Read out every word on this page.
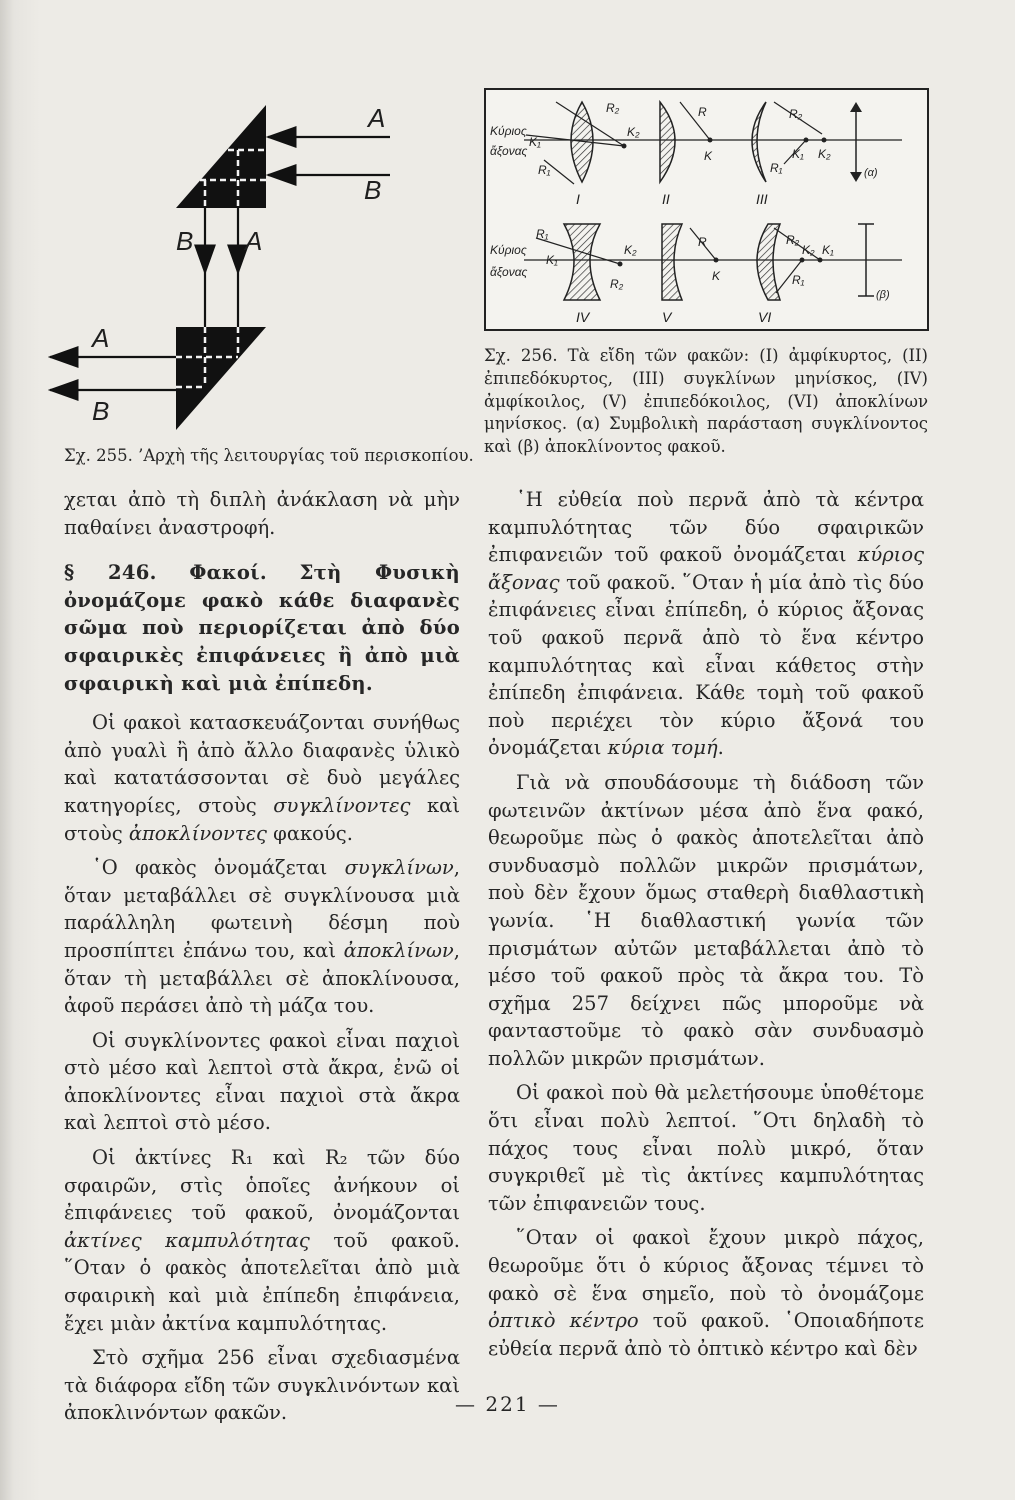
A
B
B A
A
B
Σχ. 255. ’Αρχὴ τῆς λειτουργίας τοῦ περισκοπίου.
Κύριος
ἄξονας
K₂
R₂
K₁
R₁
I
R
K
II
R₂
K₁ K₂
R₁
III
(α)
Κύριος
ἄξονας
R₁
K₁
K₂
R₂
IV
R
K
V
R₂
K₂ K₁
R₁
VI
(β)
Σχ. 256. Τὰ εἴδη τῶν φακῶν: (I) ἀμφίκυρτος, (II) ἐπιπεδόκυρτος, (III) συγκλίνων μηνίσκος, (IV) ἀμφίκοιλος, (V) ἐπιπεδόκοιλος, (VI) ἀποκλίνων μηνίσκος. (α) Συμβολικὴ παράσταση συγκλίνοντος καὶ (β) ἀποκλίνοντος φακοῦ.

χεται ἀπὸ τὴ διπλὴ ἀνάκλαση νὰ μὴν παθαίνει ἀναστροφή.

§ 246. Φακοί. Στὴ Φυσικὴ ὀνομάζομε φακὸ κάθε διαφανὲς σῶμα ποὺ περιορίζεται ἀπὸ δύο σφαιρικὲς ἐπιφάνειες ἢ ἀπὸ μιὰ σφαιρικὴ καὶ μιὰ ἐπίπεδη.

Οἱ φακοὶ κατασκευάζονται συνήθως ἀπὸ γυαλὶ ἢ ἀπὸ ἄλλο διαφανὲς ὑλικὸ καὶ κατατάσσονται σὲ δυὸ μεγάλες κατηγορίες, στοὺς συγκλίνοντες καὶ στοὺς ἀποκλίνοντες φακούς.

῾Ο φακὸς ὀνομάζεται συγκλίνων, ὅταν μεταβάλλει σὲ συγκλίνουσα μιὰ παράλληλη φωτεινὴ δέσμη ποὺ προσπίπτει ἐπάνω του, καὶ ἀποκλίνων, ὅταν τὴ μεταβάλλει σὲ ἀποκλίνουσα, ἀφοῦ περάσει ἀπὸ τὴ μάζα του.

Οἱ συγκλίνοντες φακοὶ εἶναι παχιοὶ στὸ μέσο καὶ λεπτοὶ στὰ ἄκρα, ἐνῶ οἱ ἀποκλίνοντες εἶναι παχιοὶ στὰ ἄκρα καὶ λεπτοὶ στὸ μέσο.

Οἱ ἀκτίνες R₁ καὶ R₂ τῶν δύο σφαιρῶν, στὶς ὁποῖες ἀνήκουν οἱ ἐπιφάνειες τοῦ φακοῦ, ὀνομάζονται ἀκτίνες καμπυλότητας τοῦ φακοῦ. ῞Οταν ὁ φακὸς ἀποτελεῖται ἀπὸ μιὰ σφαιρικὴ καὶ μιὰ ἐπίπεδη ἐπιφάνεια, ἔχει μιὰν ἀκτίνα καμπυλότητας.

Στὸ σχῆμα 256 εἶναι σχεδιασμένα τὰ διάφορα εἴδη τῶν συγκλινόντων καὶ ἀποκλινόντων φακῶν.

῾Η εὐθεία ποὺ περνᾶ ἀπὸ τὰ κέντρα καμπυλότητας τῶν δύο σφαιρικῶν ἐπιφανειῶν τοῦ φακοῦ ὀνομάζεται κύριος ἄξονας τοῦ φακοῦ. ῞Οταν ἡ μία ἀπὸ τὶς δύο ἐπιφάνειες εἶναι ἐπίπεδη, ὁ κύριος ἄξονας τοῦ φακοῦ περνᾶ ἀπὸ τὸ ἕνα κέντρο καμπυλότητας καὶ εἶναι κάθετος στὴν ἐπίπεδη ἐπιφάνεια. Κάθε τομὴ τοῦ φακοῦ ποὺ περιέχει τὸν κύριο ἄξονά του ὀνομάζεται κύρια τομή.

Γιὰ νὰ σπουδάσουμε τὴ διάδοση τῶν φωτεινῶν ἀκτίνων μέσα ἀπὸ ἕνα φακό, θεωροῦμε πὼς ὁ φακὸς ἀποτελεῖται ἀπὸ συνδυασμὸ πολλῶν μικρῶν πρισμάτων, ποὺ δὲν ἔχουν ὅμως σταθερὴ διαθλαστικὴ γωνία. ῾Η διαθλαστική γωνία τῶν πρισμάτων αὐτῶν μεταβάλλεται ἀπὸ τὸ μέσο τοῦ φακοῦ πρὸς τὰ ἄκρα του. Τὸ σχῆμα 257 δείχνει πῶς μποροῦμε νὰ φανταστοῦμε τὸ φακὸ σὰν συνδυασμὸ πολλῶν μικρῶν πρισμάτων.

Οἱ φακοὶ ποὺ θὰ μελετήσουμε ὑποθέτομε ὅτι εἶναι πολὺ λεπτοί. ῞Οτι δηλαδὴ τὸ πάχος τους εἶναι πολὺ μικρό, ὅταν συγκριθεῖ μὲ τὶς ἀκτίνες καμπυλότητας τῶν ἐπιφανειῶν τους.

῞Οταν οἱ φακοὶ ἔχουν μικρὸ πάχος, θεωροῦμε ὅτι ὁ κύριος ἄξονας τέμνει τὸ φακὸ σὲ ἕνα σημεῖο, ποὺ τὸ ὀνομάζομε ὀπτικὸ κέντρο τοῦ φακοῦ. ῾Οποιαδήποτε εὐθεία περνᾶ ἀπὸ τὸ ὀπτικὸ κέντρο καὶ δὲν

— 221 —
